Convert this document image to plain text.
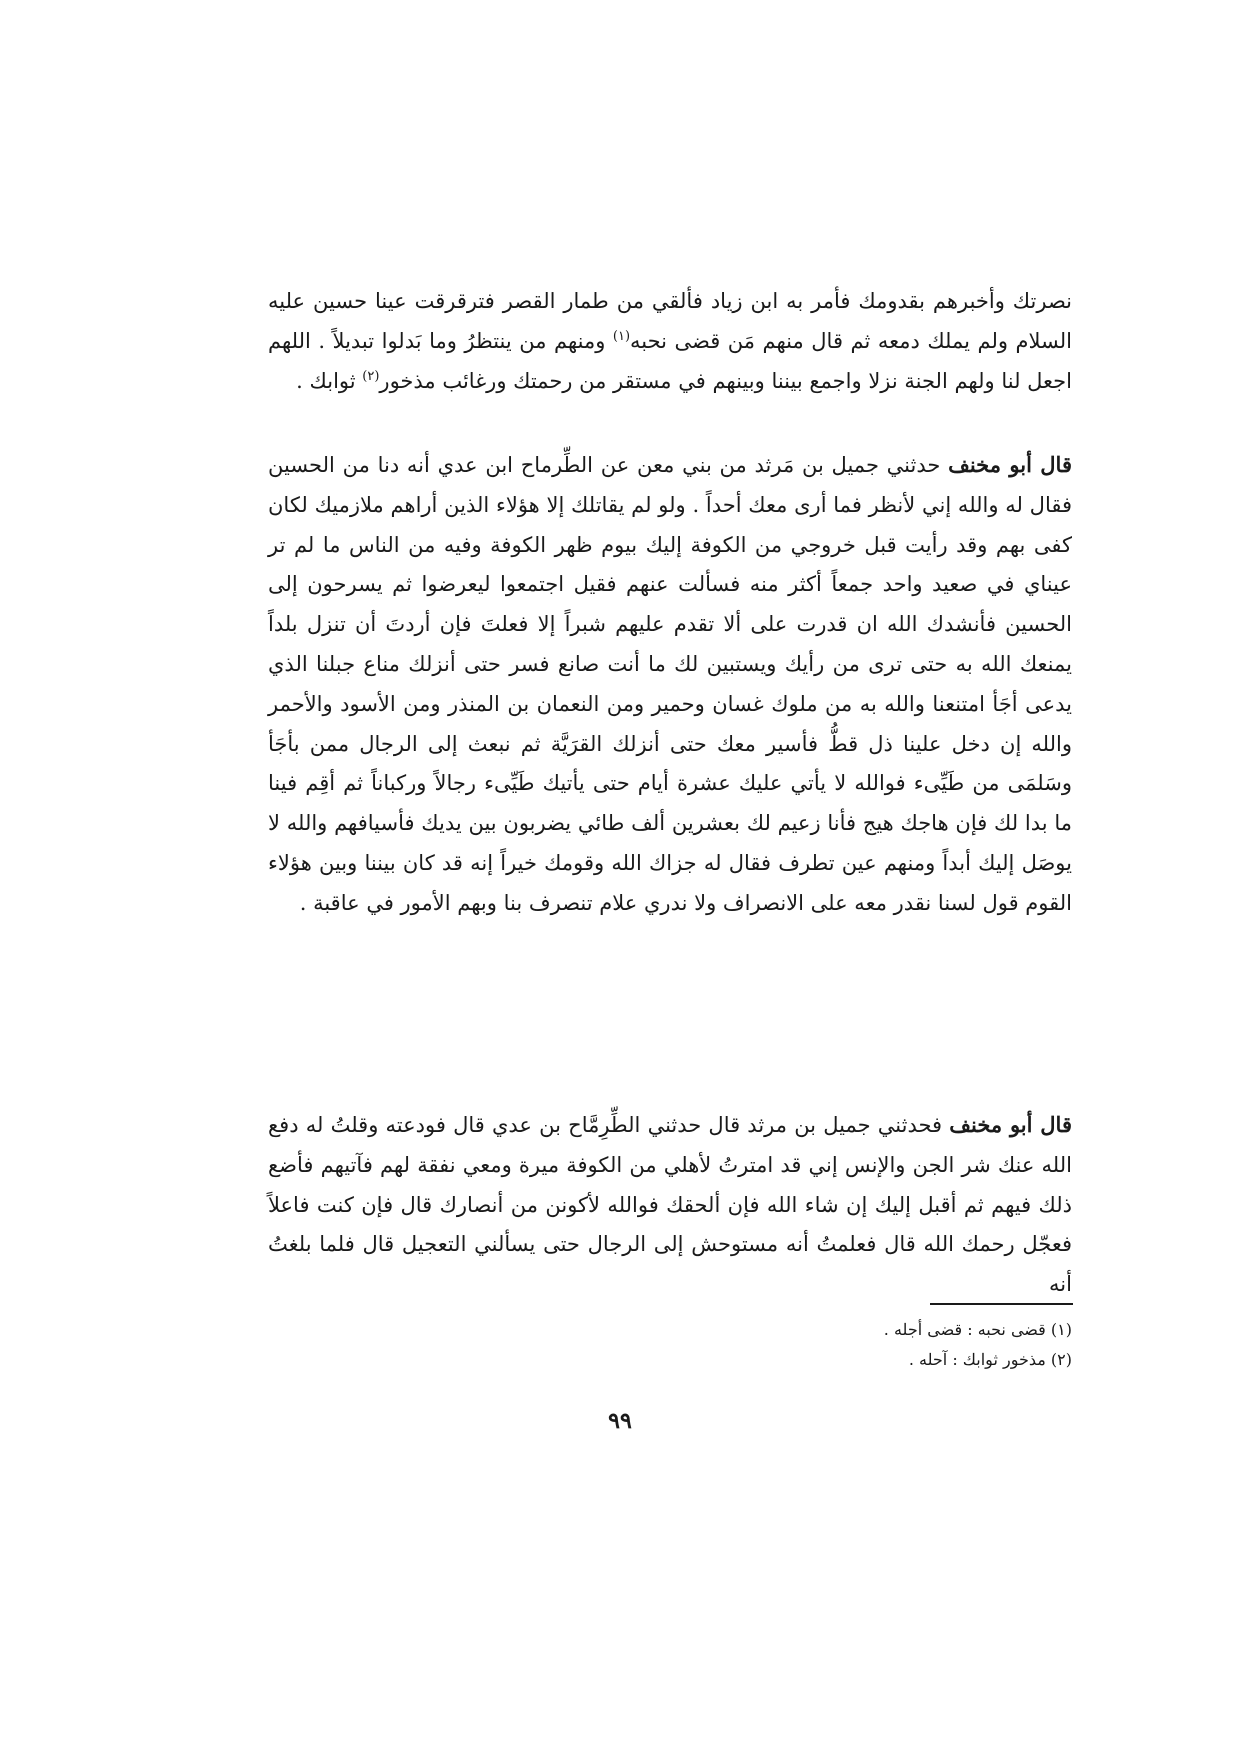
نصرتك وأخبرهم بقدومك فأمر به ابن زياد فألقي من طمار القصر فترقرقت عينا حسين عليه السلام ولم يملك دمعه ثم قال منهم مَن قضى نحبه$^{(١)}$ ومنهم من ينتظرُ وما بَدلوا تبديلاً . اللهم اجعل لنا ولهم الجنة نزلا واجمع بيننا وبينهم في مستقر من رحمتك ورغائب مذخور$^{(٢)}$ ثوابك .

قال أبو مخنف حدثني جميل بن مَرثد من بني معن عن الطِّرماح ابن عدي أنه دنا من الحسين فقال له والله إني لأنظر فما أرى معك أحداً . ولو لم يقاتلك إلا هؤلاء الذين أراهم ملازميك لكان كفى بهم وقد رأيت قبل خروجي من الكوفة إليك بيوم ظهر الكوفة وفيه من الناس ما لم تر عيناي في صعيد واحد جمعاً أكثر منه فسألت عنهم فقيل اجتمعوا ليعرضوا ثم يسرحون إلى الحسين فأنشدك الله ان قدرت على ألا تقدم عليهم شبراً إلا فعلتَ فإن أردتَ أن تنزل بلداً يمنعك الله به حتى ترى من رأيك ويستبين لك ما أنت صانع فسر حتى أنزلك مناع جبلنا الذي يدعى أجَأ امتنعنا والله به من ملوك غسان وحمير ومن النعمان بن المنذر ومن الأسود والأحمر والله إن دخل علينا ذل قطُّ فأسير معك حتى أنزلك القرَيَّة ثم نبعث إلى الرجال ممن بأجَأ وسَلمَى من طَيِّىء فوالله لا يأتي عليك عشرة أيام حتى يأتيك طَيِّىء رجالاً وركباناً ثم أقِم فينا ما بدا لك فإن هاجك هيج فأنا زعيم لك بعشرين ألف طائي يضربون بين يديك فأسيافهم والله لا يوصَل إليك أبداً ومنهم عين تطرف فقال له جزاك الله وقومك خيراً إنه قد كان بيننا وبين هؤلاء القوم قول لسنا نقدر معه على الانصراف ولا ندري علام تنصرف بنا وبهم الأمور في عاقبة .

قال أبو مخنف فحدثني جميل بن مرثد قال حدثني الطِّرِمَّاح بن عدي قال فودعته وقلتُ له دفع الله عنك شر الجن والإنس إني قد امترتُ لأهلي من الكوفة ميرة ومعي نفقة لهم فآتيهم فأضع ذلك فيهم ثم أقبل إليك إن شاء الله فإن ألحقك فوالله لأكونن من أنصارك قال فإن كنت فاعلاً فعجّل رحمك الله قال فعلمتُ أنه مستوحش إلى الرجال حتى يسألني التعجيل قال فلما بلغتُ أنه

(١) قضى نحبه : قضى أجله .

(٢) مذخور ثوابك : آحله .

٩٩
